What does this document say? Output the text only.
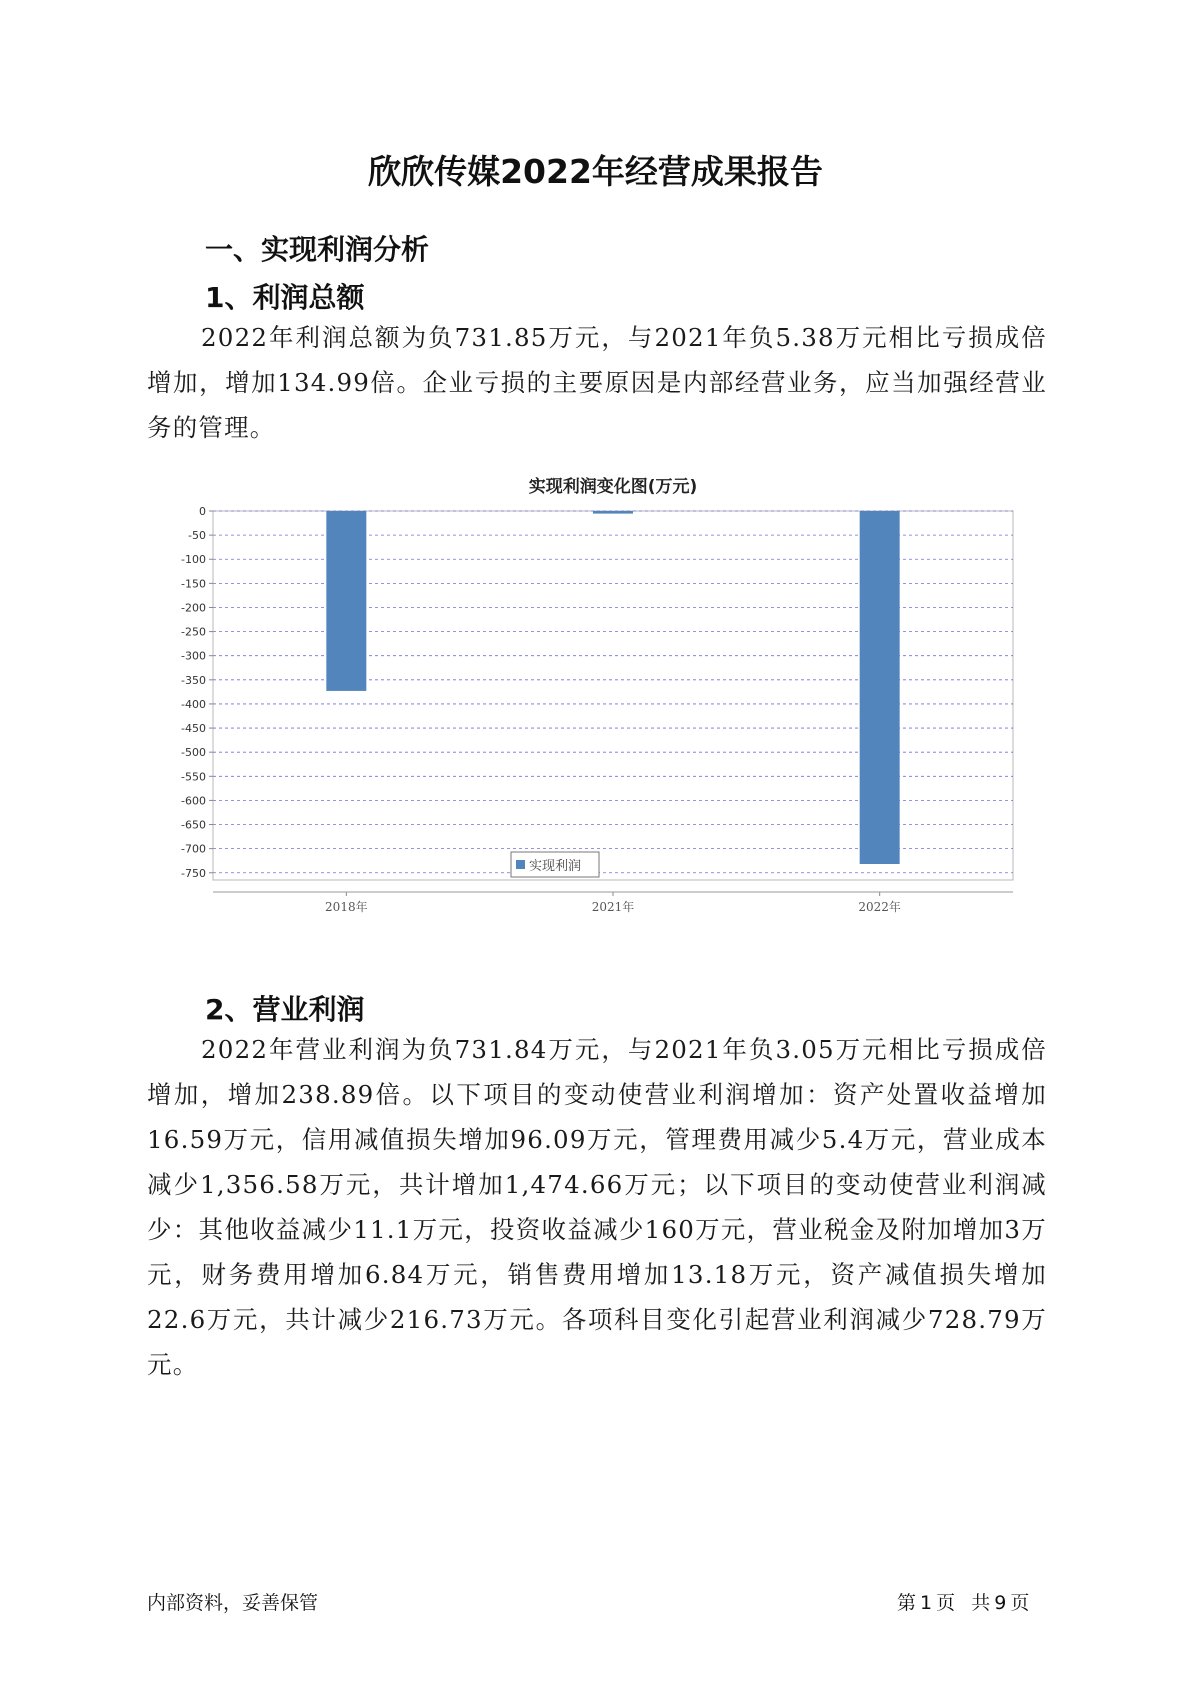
欣欣传媒2022年经营成果报告
一、实现利润分析
1、利润总额

2022年利润总额为负731.85万元，与2021年负5.38万元相比亏损成倍增加，增加134.99倍。企业亏损的主要原因是内部经营业务，应当加强经营业务的管理。

实现利润变化图(万元)
0
-50
-100
-150
-200
-250
-300
-350
-400
-450
-500
-550
-600
-650
-700
-750
2018年	2021年	2022年
实现利润
2、营业利润

2022年营业利润为负731.84万元，与2021年负3.05万元相比亏损成倍增加，增加238.89倍。以下项目的变动使营业利润增加：资产处置收益增加16.59万元，信用减值损失增加96.09万元，管理费用减少5.4万元，营业成本减少1,356.58万元，共计增加1,474.66万元；以下项目的变动使营业利润减少：其他收益减少11.1万元，投资收益减少160万元，营业税金及附加增加3万元，财务费用增加6.84万元，销售费用增加13.18万元，资产减值损失增加22.6万元，共计减少216.73万元。各项科目变化引起营业利润减少728.79万元。

内部资料，妥善保管	第 1 页 共 9 页
